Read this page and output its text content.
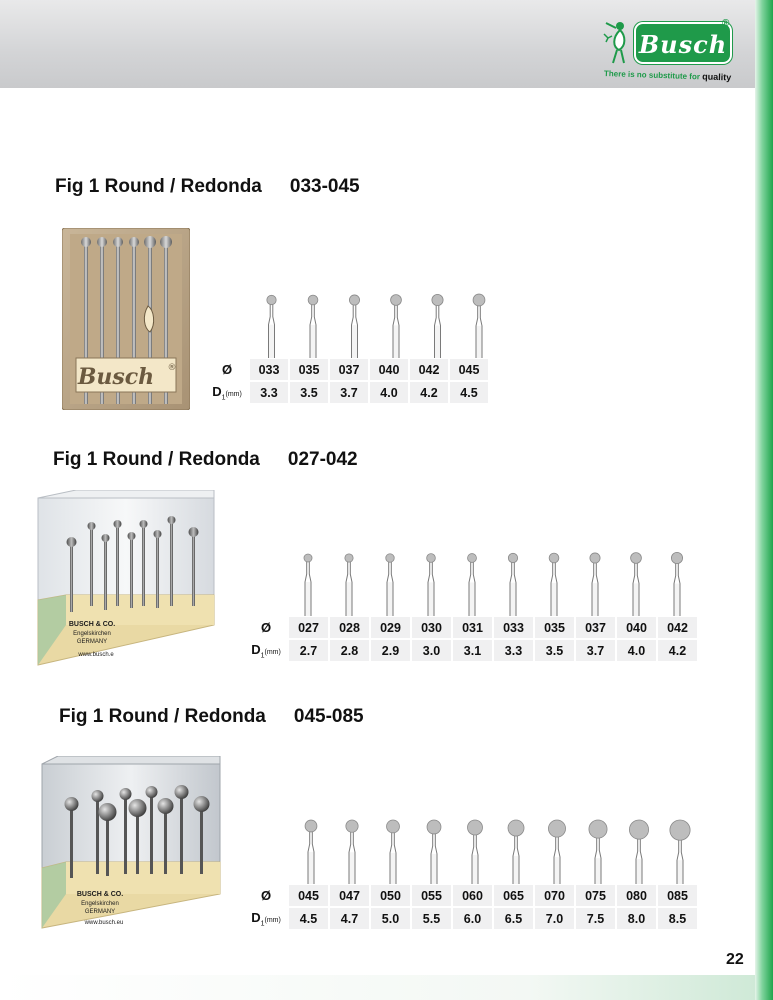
Busch
®
There is no substitute for quality
Fig 1 Round / Redonda 033-045
Busch ®	Ø	033	035	037	040	042	045
$D_1(mm)$	3.3	3.5	3.7	4.0	4.2	4.5
Fig 1 Round / Redonda 027-042
BUSCH & CO.
Engelskirchen
GERMANY
www.busch.e
Ø	027	028	029	030	031	033	035	037	040	042
$D_1(mm)$	2.7	2.8	2.9	3.0	3.1	3.3	3.5	3.7	4.0	4.2
Fig 1 Round / Redonda 045-085
BUSCH & CO.
Engelskirchen
GERMANY
www.busch.eu
Ø	045	047	050	055	060	065	070	075	080	085
$D_1(mm)$	4.5	4.7	5.0	5.5	6.0	6.5	7.0	7.5	8.0	8.5
22
